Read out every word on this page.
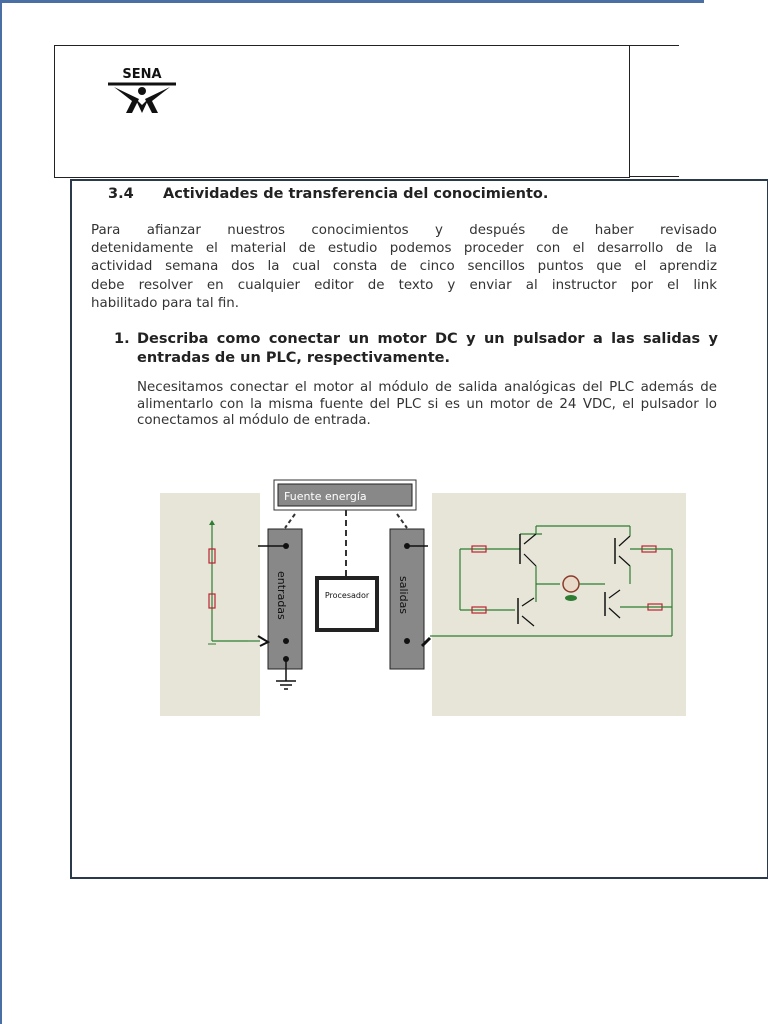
SENA
3.4 Actividades de transferencia del conocimiento.
Para afianzar nuestros conocimientos y después de haber revisado
detenidamente el material de estudio podemos proceder con el desarrollo de la
actividad semana dos la cual consta de cinco sencillos puntos que el aprendiz
debe resolver en cualquier editor de texto y enviar al instructor por el link
habilitado para tal fin.
1. Describa como conectar un motor DC y un pulsador a las salidas y entradas de un PLC, respectivamente.
Necesitamos conectar el motor al módulo de salida analógicas del PLC además de alimentarlo con la misma fuente del PLC si es un motor de 24 VDC, el pulsador lo conectamos al módulo de entrada.
Fuente energía
entradas	Procesador	salidas
